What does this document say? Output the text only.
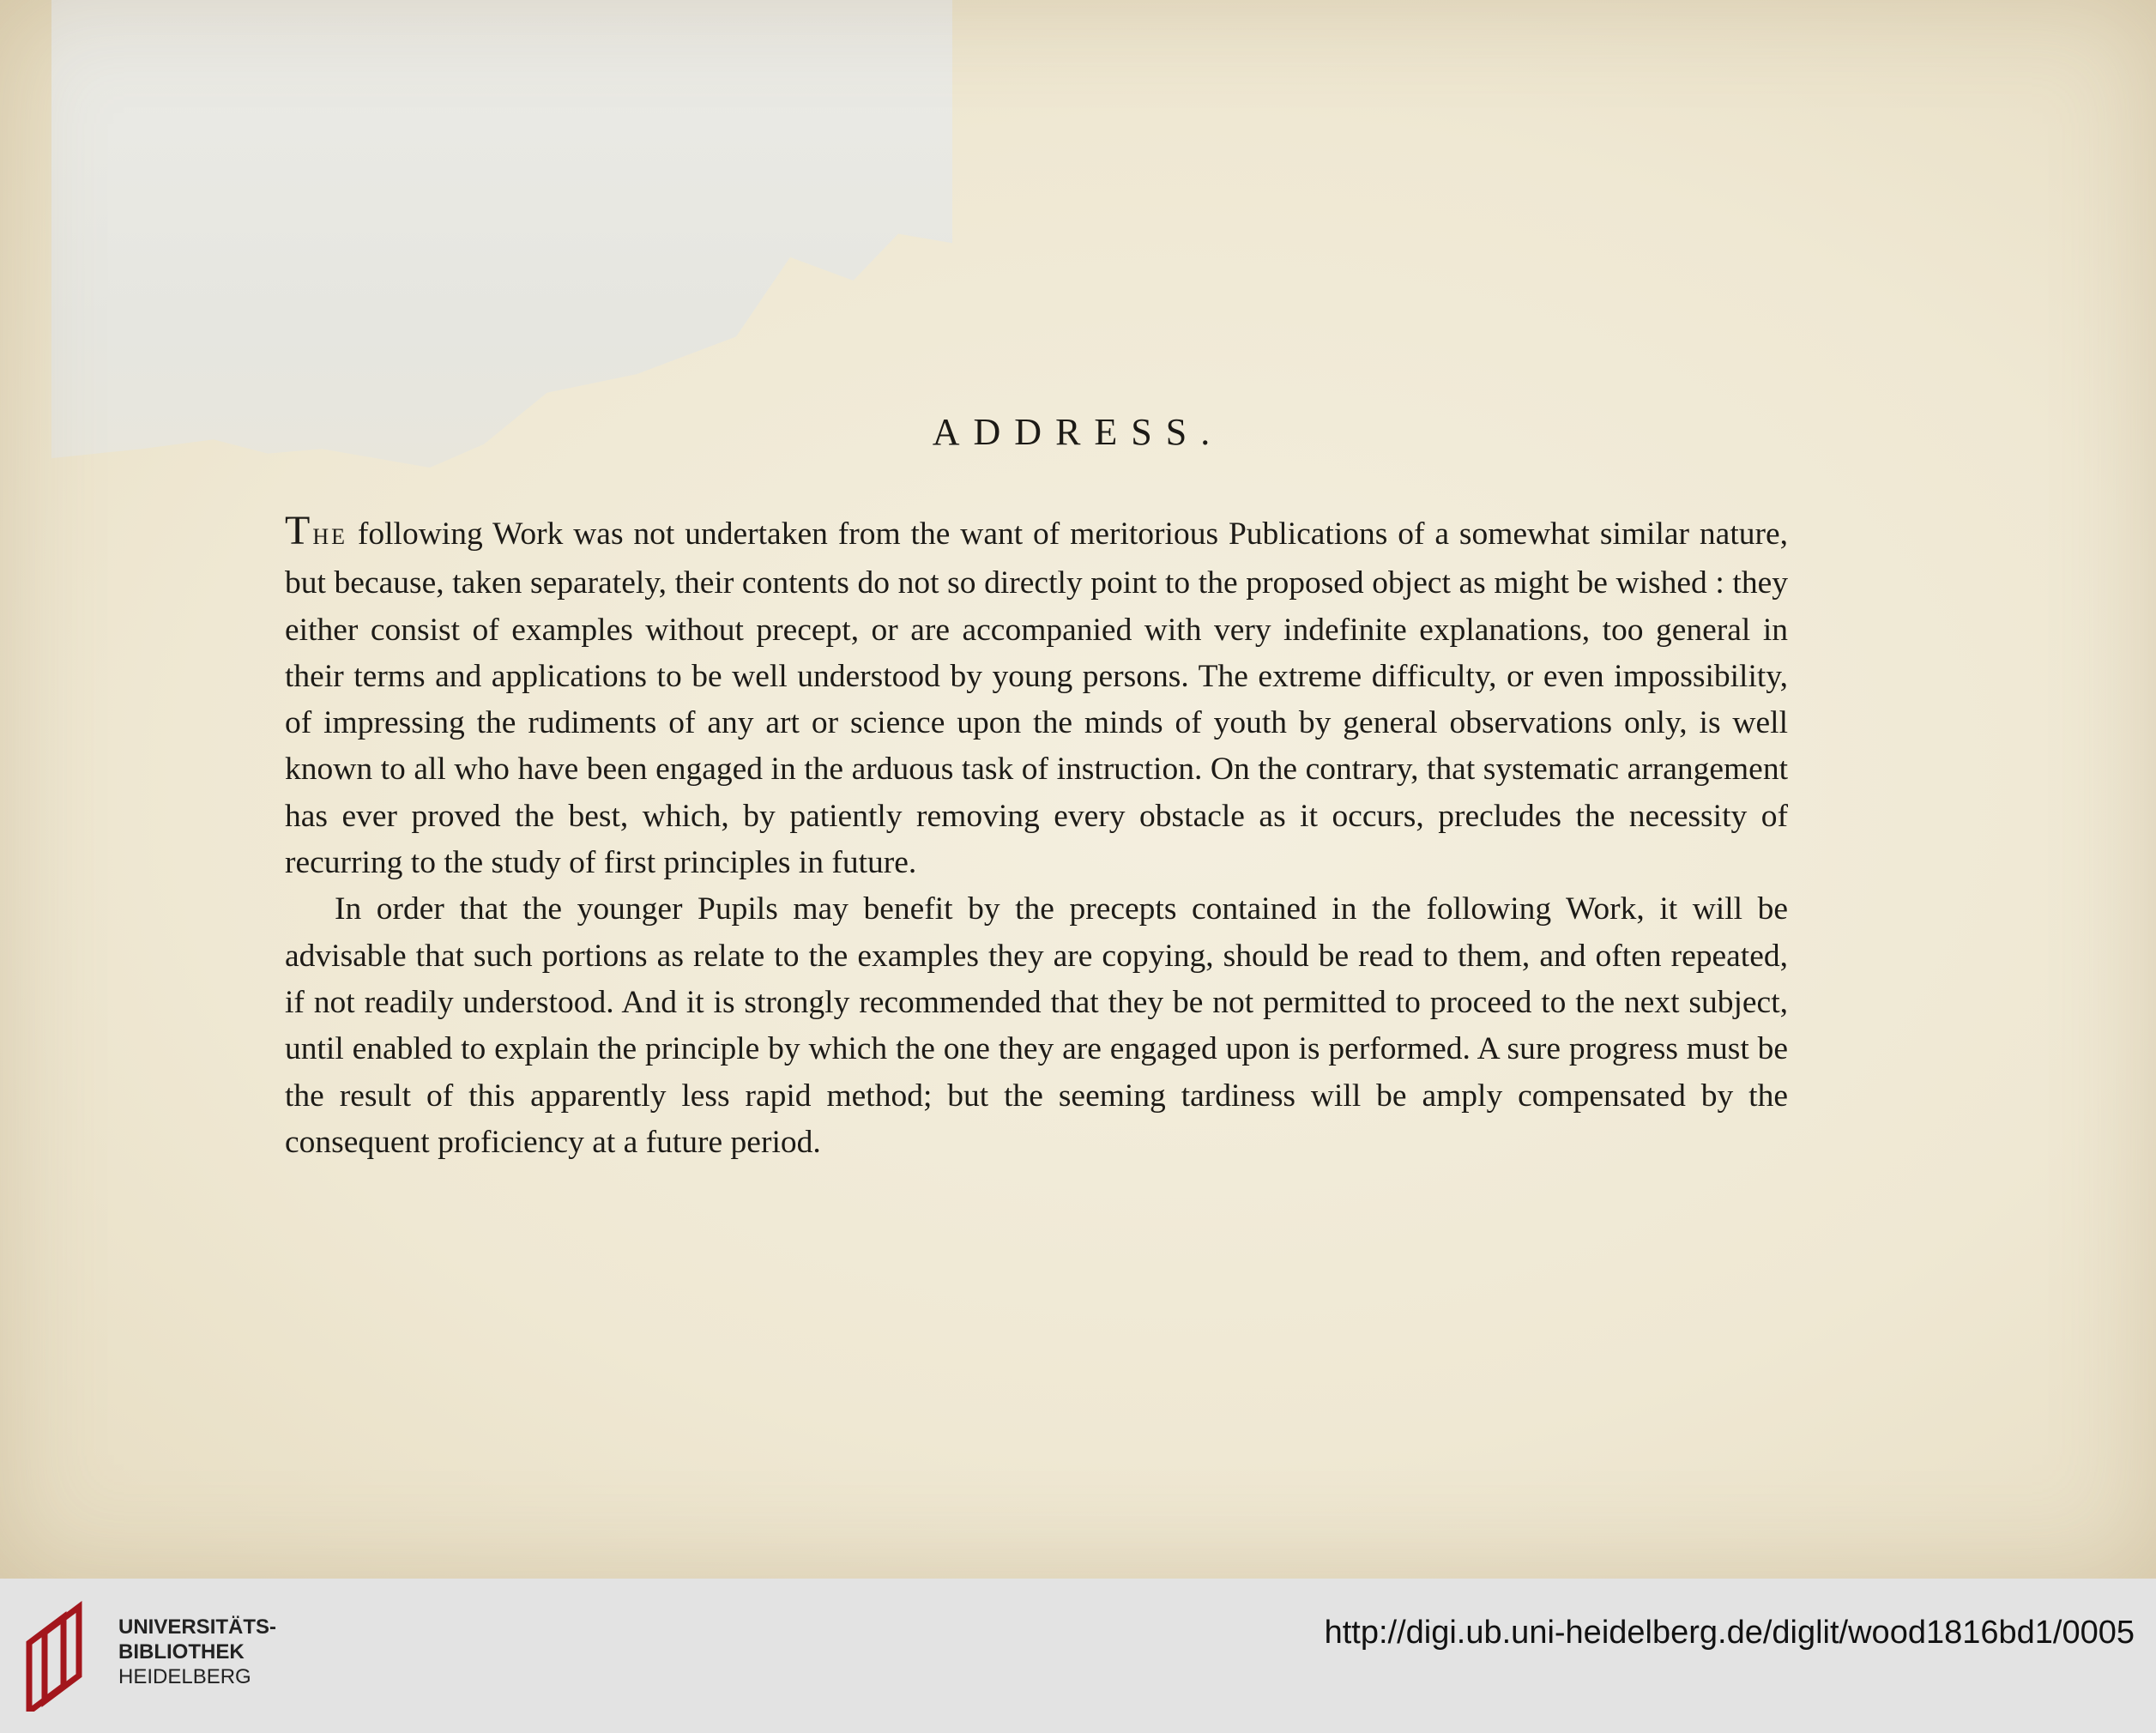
ADDRESS.

THE following Work was not undertaken from the want of meritorious Publications of a somewhat similar nature, but because, taken separately, their contents do not so directly point to the proposed object as might be wished : they either consist of examples without precept, or are accompanied with very indefinite explanations, too general in their terms and applications to be well understood by young persons. The extreme difficulty, or even impossibility, of impressing the rudiments of any art or science upon the minds of youth by general observations only, is well known to all who have been engaged in the arduous task of instruction. On the contrary, that systematic arrangement has ever proved the best, which, by patiently removing every obstacle as it occurs, precludes the necessity of recurring to the study of first principles in future.

In order that the younger Pupils may benefit by the precepts contained in the following Work, it will be advisable that such portions as relate to the examples they are copying, should be read to them, and often repeated, if not readily understood. And it is strongly recommended that they be not permitted to proceed to the next subject, until enabled to explain the principle by which the one they are engaged upon is performed. A sure progress must be the result of this apparently less rapid method; but the seeming tardiness will be amply compensated by the consequent proficiency at a future period.

UNIVERSITÄTS-
BIBLIOTHEK
HEIDELBERG
http://digi.ub.uni-heidelberg.de/diglit/wood1816bd1/0005
